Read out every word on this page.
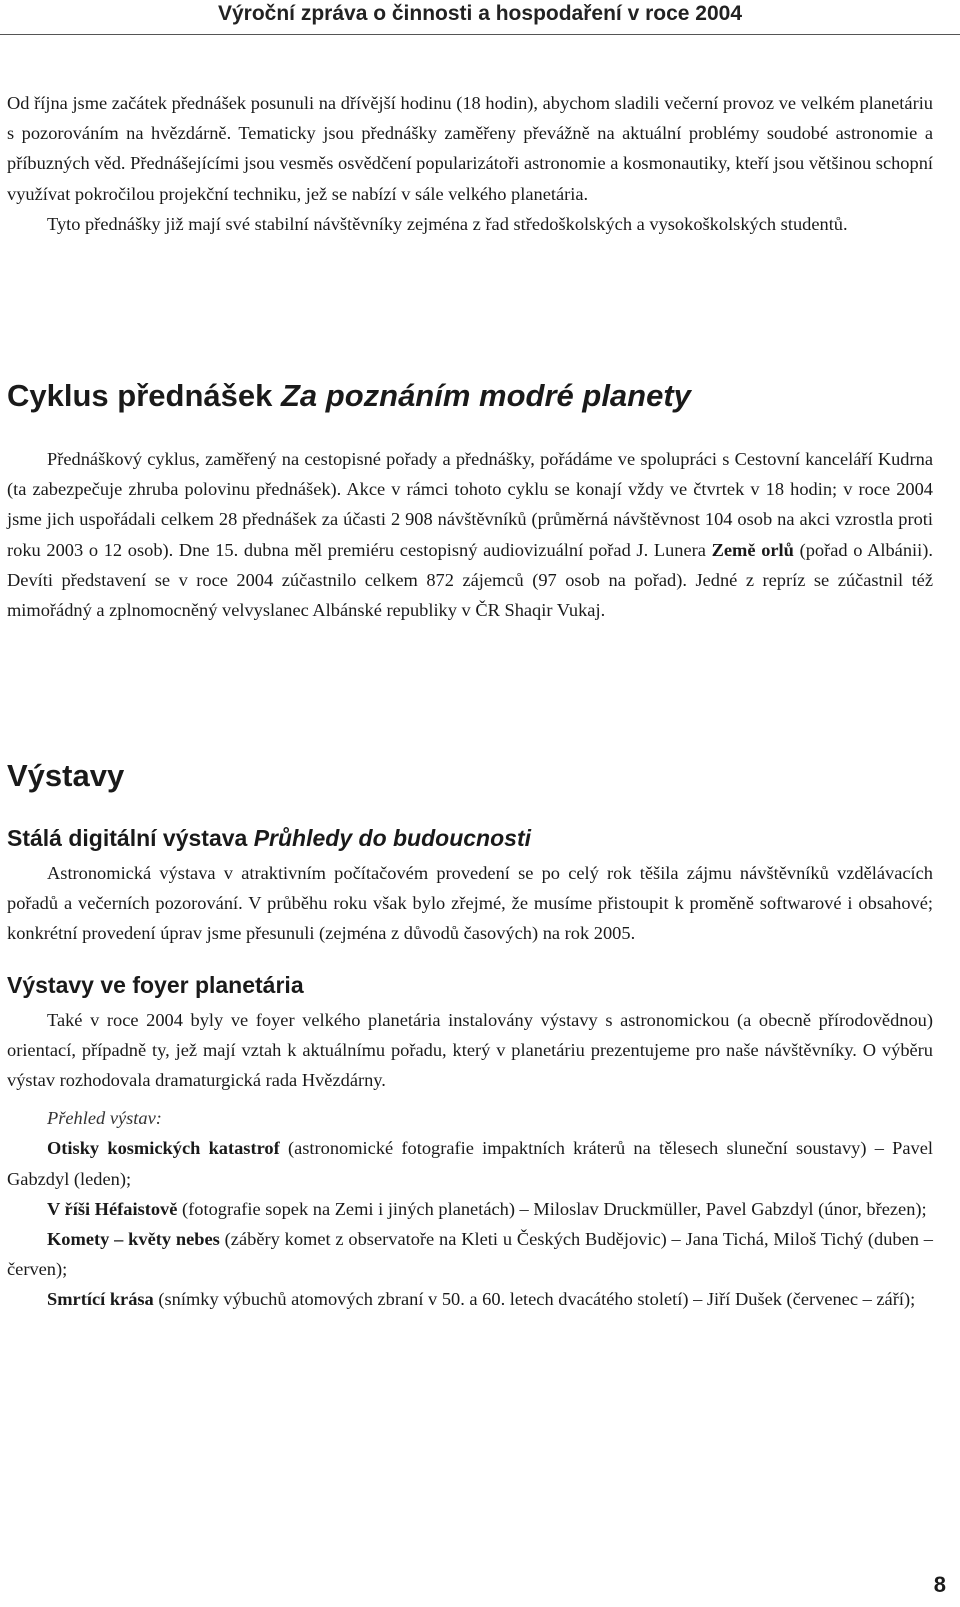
Výroční zpráva o činnosti a hospodaření v roce 2004

Od října jsme začátek přednášek posunuli na dřívější hodinu (18 hodin), abychom sladili večerní provoz ve velkém planetáriu s pozorováním na hvězdárně. Tematicky jsou přednášky zaměřeny převážně na aktuální problémy soudobé astronomie a příbuzných věd. Přednášejícími jsou vesměs osvědčení popularizátoři astronomie a kosmonautiky, kteří jsou většinou schopní využívat pokročilou projekční techniku, jež se nabízí v sále velkého planetária.

Tyto přednášky již mají své stabilní návštěvníky zejména z řad středoškolských a vysokoškolských studentů.

Cyklus přednášek Za poznáním modré planety

Přednáškový cyklus, zaměřený na cestopisné pořady a přednášky, pořádáme ve spolupráci s Cestovní kanceláří Kudrna (ta zabezpečuje zhruba polovinu přednášek). Akce v rámci tohoto cyklu se konají vždy ve čtvrtek v 18 hodin; v roce 2004 jsme jich uspořádali celkem 28 přednášek za účasti 2 908 návštěvníků (průměrná návštěvnost 104 osob na akci vzrostla proti roku 2003 o 12 osob). Dne 15. dubna měl premiéru cestopisný audiovizuální pořad J. Lunera Země orlů (pořad o Albánii). Devíti představení se v roce 2004 zúčastnilo celkem 872 zájemců (97 osob na pořad). Jedné z repríz se zúčastnil též mimořádný a zplnomocněný velvyslanec Albánské republiky v ČR Shaqir Vukaj.

Výstavy
Stálá digitální výstava Průhledy do budoucnosti

Astronomická výstava v atraktivním počítačovém provedení se po celý rok těšila zájmu návštěvníků vzdělávacích pořadů a večerních pozorování. V průběhu roku však bylo zřejmé, že musíme přistoupit k proměně softwarové i obsahové; konkrétní provedení úprav jsme přesunuli (zejména z důvodů časových) na rok 2005.

Výstavy ve foyer planetária

Také v roce 2004 byly ve foyer velkého planetária instalovány výstavy s astronomickou (a obecně přírodovědnou) orientací, případně ty, jež mají vztah k aktuálnímu pořadu, který v planetáriu prezentujeme pro naše návštěvníky. O výběru výstav rozhodovala dramaturgická rada Hvězdárny.

Přehled výstav:

Otisky kosmických katastrof (astronomické fotografie impaktních kráterů na tělesech sluneční soustavy) – Pavel Gabzdyl (leden);

V říši Héfaistově (fotografie sopek na Zemi i jiných planetách) – Miloslav Druckmüller, Pavel Gabzdyl (únor, březen);

Komety – květy nebes (záběry komet z observatoře na Kleti u Českých Budějovic) – Jana Tichá, Miloš Tichý (duben – červen);

Smrtící krása (snímky výbuchů atomových zbraní v 50. a 60. letech dvacátého století) – Jiří Dušek (červenec – září);

8
